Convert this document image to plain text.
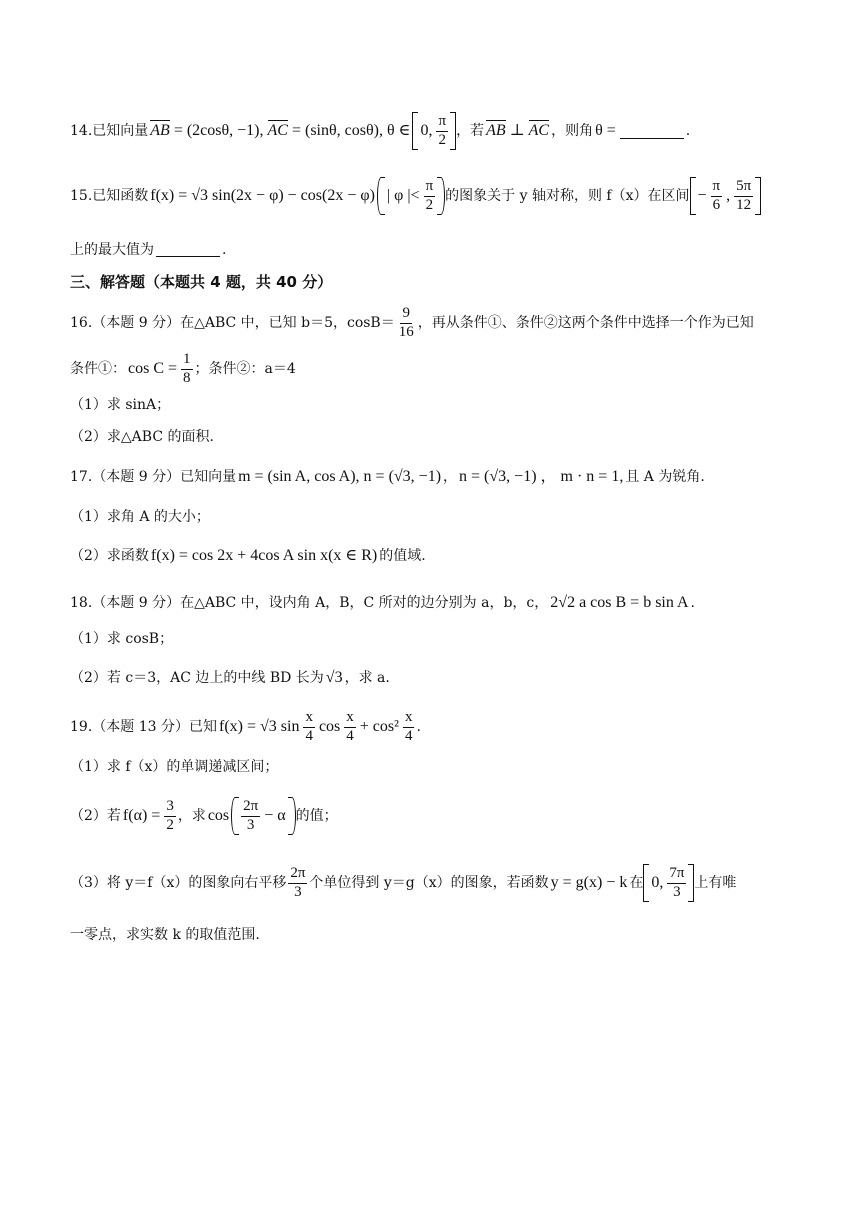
14.已知向量 AB = (2cosθ, −1), AC = (sinθ, cosθ), θ ∈ 0, $\frac{\pi}{2}$ ，若 AB ⊥ AC ，则角 θ =	.
15.已知函数 f(x) = √3 sin(2x − φ) − cos(2x − φ) | φ |< $\frac{\pi}{2}$ 的图象关于 y 轴对称，则 f（x）在区间 − $\frac{\pi}{6}$ , $\frac{5\pi}{12}$
上的最大值为	.
三、解答题（本题共 4 题，共 40 分）
16.（本题 9 分）在△ABC 中，已知 b＝5，$\cos B= \frac{9}{16}$ ，再从条件①、条件②这两个条件中选择一个作为已知
条件①： $\cos C = \frac{1}{8}$ ；条件②：a＝4
（1）求 sinA；
（2）求△ABC 的面积.
17.（本题 9 分）已知向量 m = (sin A, cos A), n = (√3, −1) ， n = (√3, −1) ， m · n = 1, 且 A 为锐角.
（1）求角 A 的大小；
（2）求函数 f(x) = cos 2x + 4cos A sin x(x ∈ R) 的值域.
18.（本题 9 分）在△ABC 中，设内角 A，B，C 所对的边分别为 a，b，c， 2√2 a cos B = b sin A .
（1）求 cosB；
（2）若 c＝3，AC 边上的中线 BD 长为 √3 ，求 a.
19.（本题 13 分）已知 f(x) = √3 $\sin \frac{x}{4}$ $\cos \frac{x}{4} + \cos^2 \frac{x}{4}$ .
（1）求 f（x）的单调递减区间；
（2）若 $f(\alpha) = \frac{3}{2}$ ，求 $\cos \frac{2\pi}{3} - \alpha$ 的值；
（3）将 y＝f（x）的图象向右平移 $\frac{2\pi}{3}$ 个单位得到 y＝g（x）的图象，若函数 y = g(x) − k 在 0, $\frac{7\pi}{3}$ 上有唯
一零点，求实数 k 的取值范围.
